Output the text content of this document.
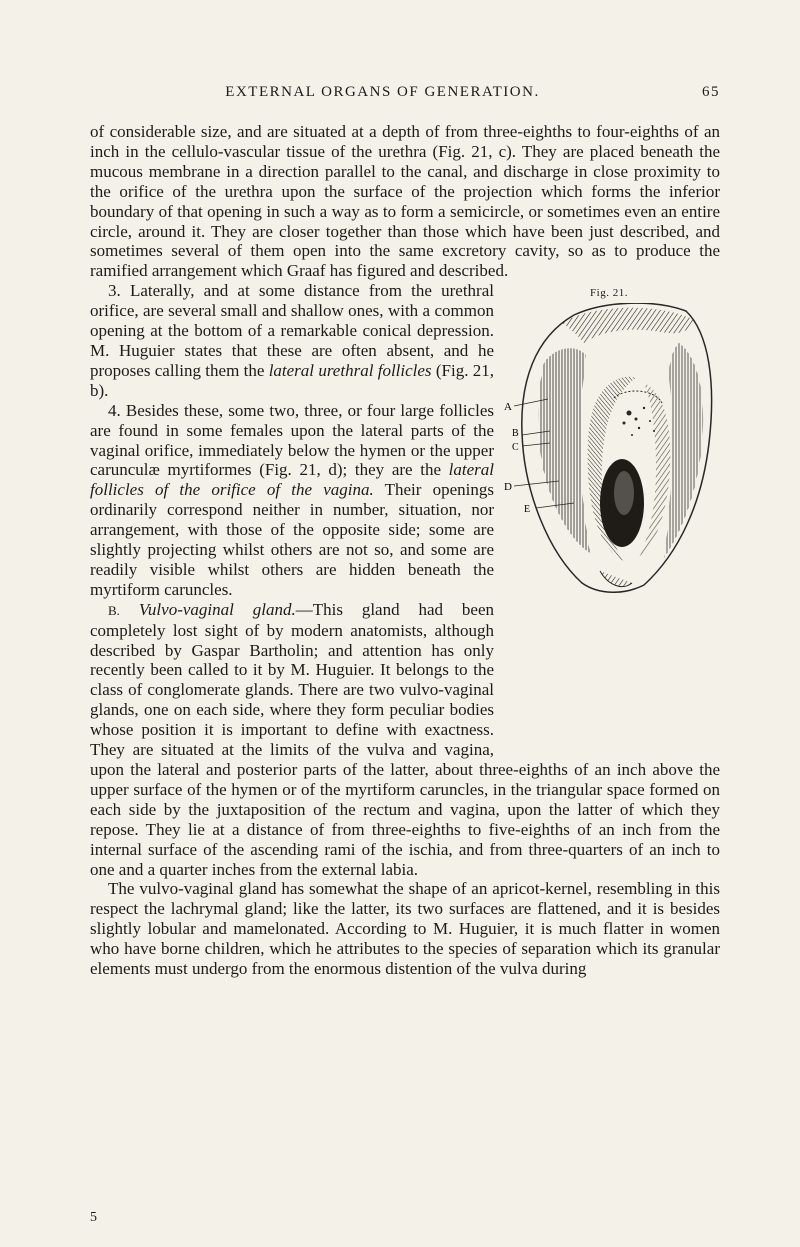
EXTERNAL ORGANS OF GENERATION.	65

of considerable size, and are situated at a depth of from three-eighths to four-eighths of an inch in the cellulo-vascular tissue of the urethra (Fig. 21, c). They are placed beneath the mucous membrane in a direction parallel to the canal, and discharge in close proximity to the orifice of the urethra upon the surface of the projection which forms the inferior boundary of that opening in such a way as to form a semicircle, or sometimes even an entire circle, around it. They are closer together than those which have been just described, and sometimes several of them open into the same excretory cavity, so as to produce the ramified arrangement which Graaf has figured and described.

Fig. 21.
A
B
C
D
E

3. Laterally, and at some distance from the urethral orifice, are several small and shallow ones, with a common opening at the bottom of a remarkable conical depression. M. Huguier states that these are often absent, and he proposes calling them the lateral urethral follicles (Fig. 21, b).

4. Besides these, some two, three, or four large follicles are found in some females upon the lateral parts of the vaginal orifice, immediately below the hymen or the upper carunculæ myrtiformes (Fig. 21, d); they are the lateral follicles of the orifice of the vagina. Their openings ordinarily correspond neither in number, situation, nor arrangement, with those of the opposite side; some are slightly projecting whilst others are not so, and some are readily visible whilst others are hidden beneath the myrtiform caruncles.

B. Vulvo-vaginal gland.—This gland had been completely lost sight of by modern anatomists, although described by Gaspar Bartholin; and attention has only recently been called to it by M. Huguier. It belongs to the class of conglomerate glands. There are two vulvo-vaginal glands, one on each side, where they form peculiar bodies whose position it is important to define with exactness. They are situated at the limits of the vulva and vagina, upon the lateral and posterior parts of the latter, about three-eighths of an inch above the upper surface of the hymen or of the myrtiform caruncles, in the triangular space formed on each side by the juxtaposition of the rectum and vagina, upon the latter of which they repose. They lie at a distance of from three-eighths to five-eighths of an inch from the internal surface of the ascending rami of the ischia, and from three-quarters of an inch to one and a quarter inches from the external labia.

The vulvo-vaginal gland has somewhat the shape of an apricot-kernel, resembling in this respect the lachrymal gland; like the latter, its two surfaces are flattened, and it is besides slightly lobular and mamelonated. According to M. Huguier, it is much flatter in women who have borne children, which he attributes to the species of separation which its granular elements must undergo from the enormous distention of the vulva during

5
